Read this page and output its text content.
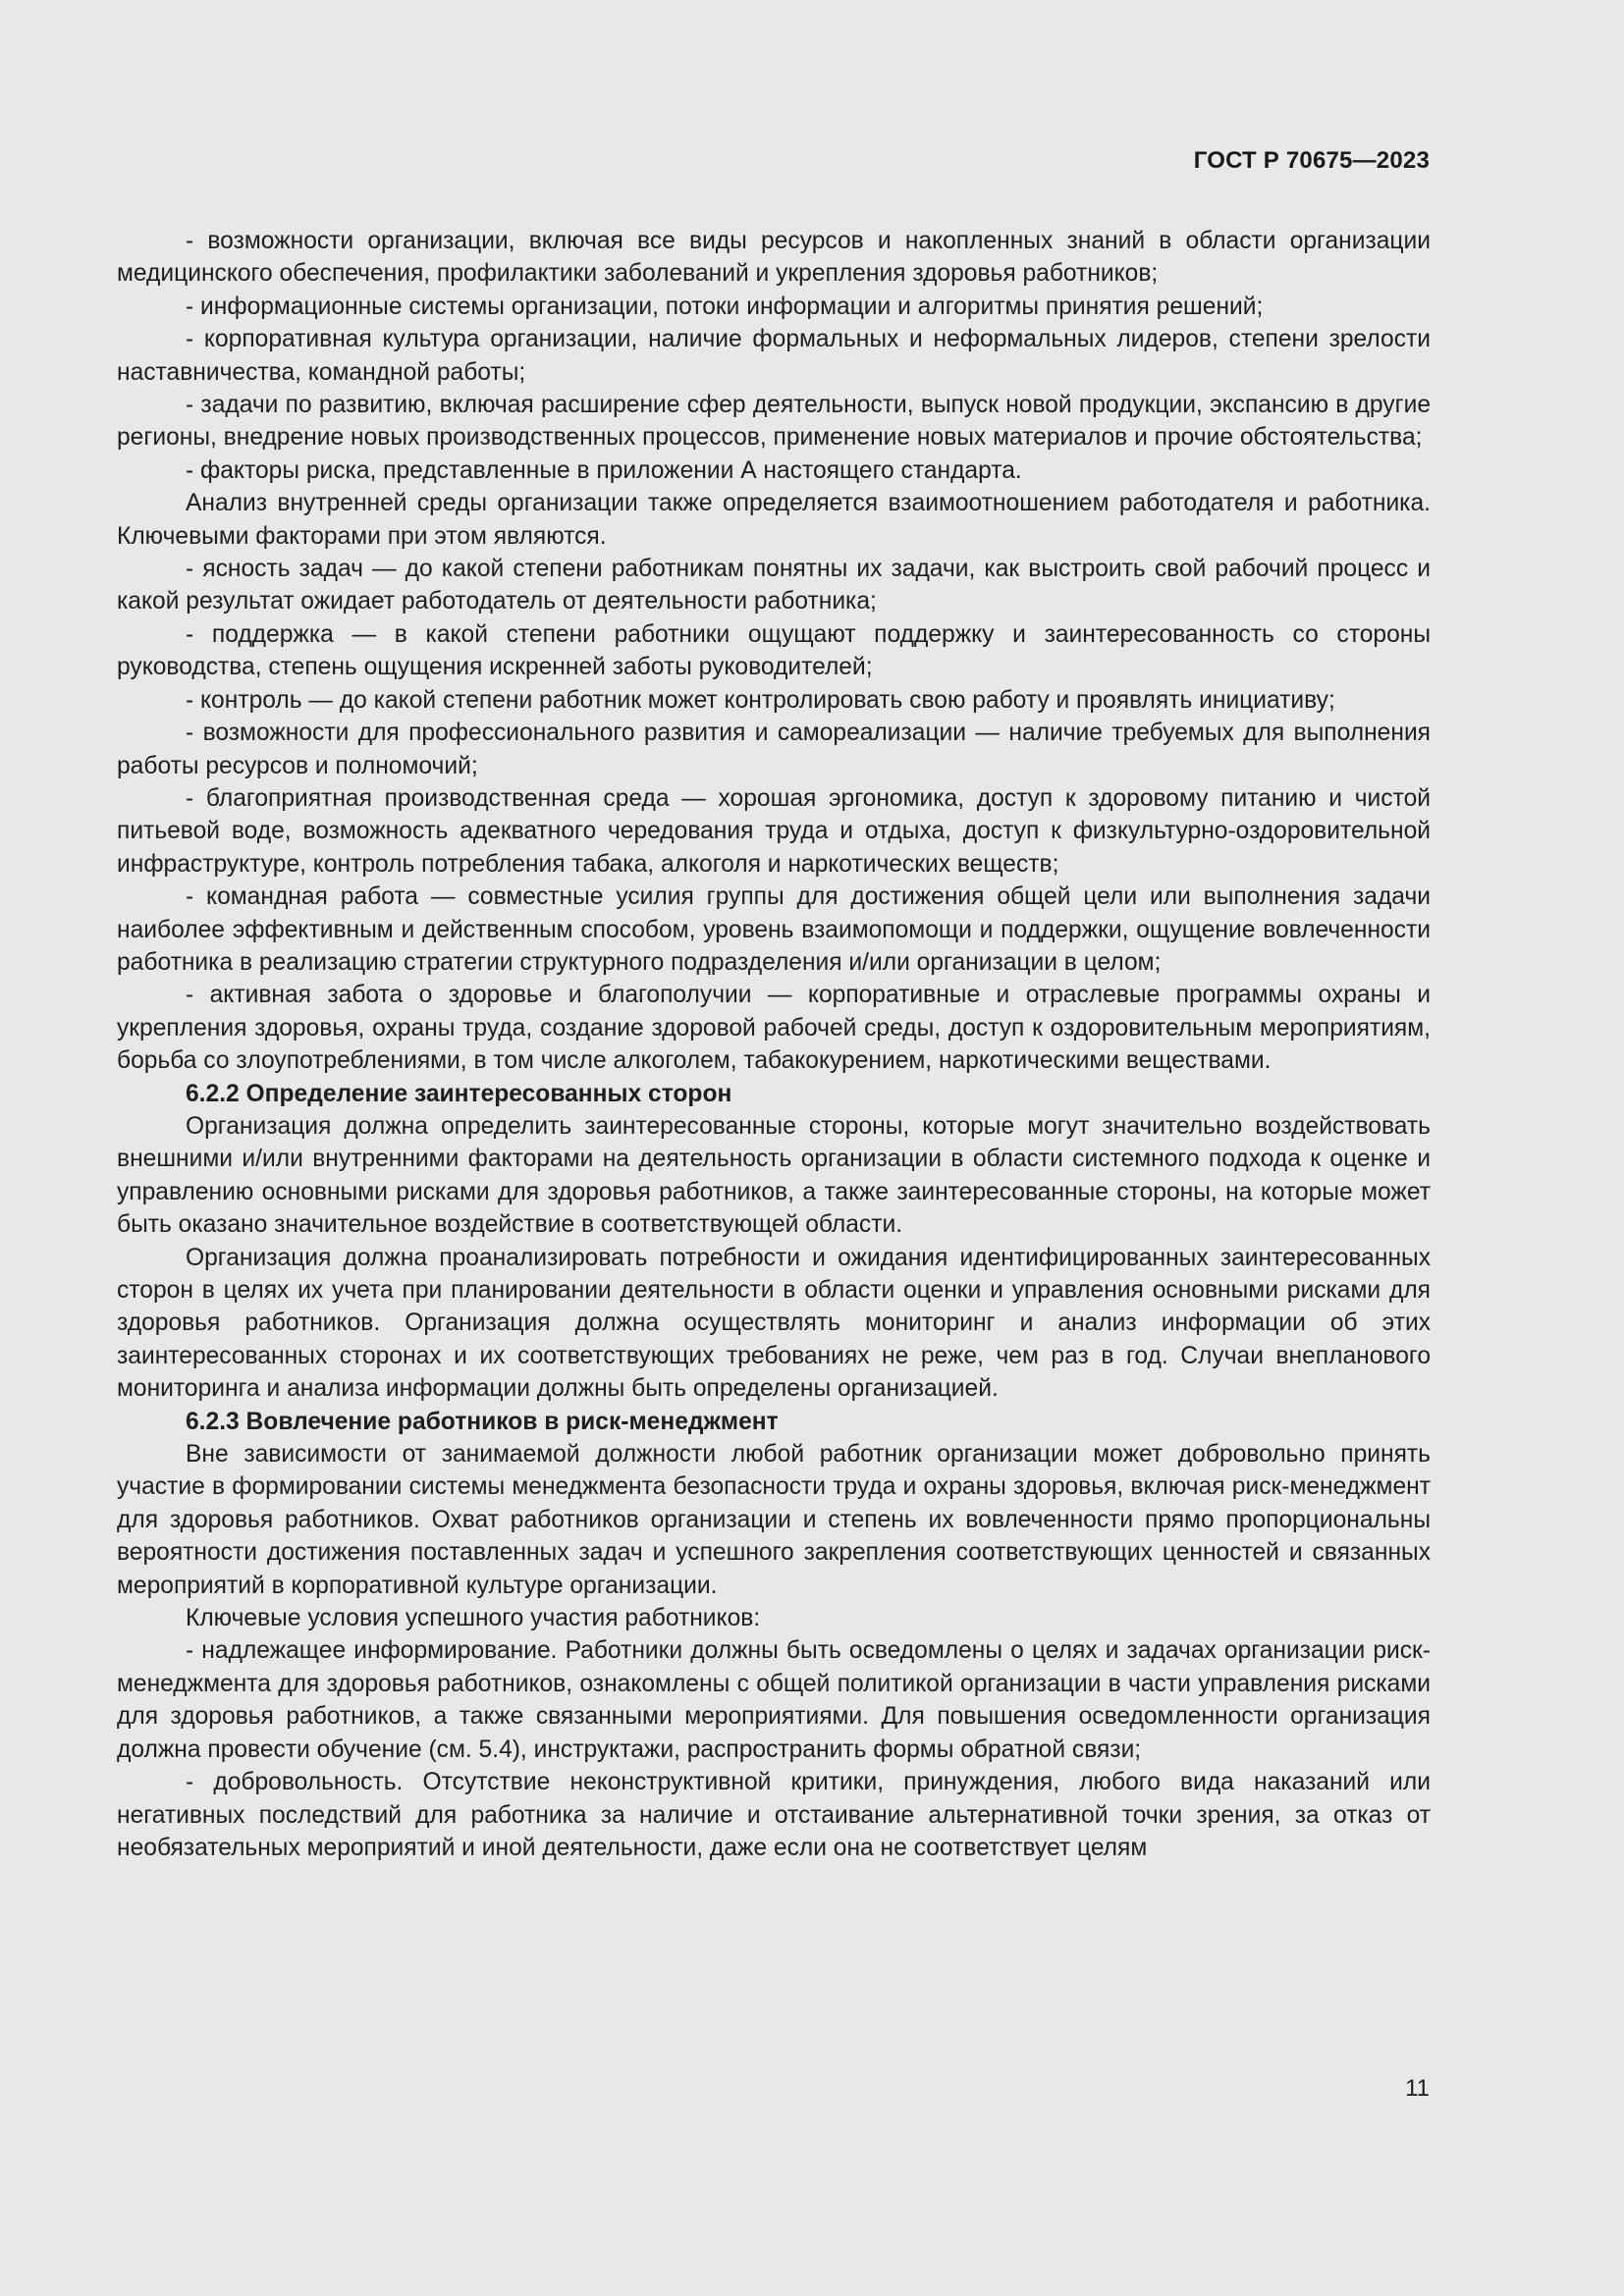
ГОСТ Р 70675—2023

- возможности организации, включая все виды ресурсов и накопленных знаний в области организации медицинского обеспечения, профилактики заболеваний и укрепления здоровья работников;

- информационные системы организации, потоки информации и алгоритмы принятия решений;

- корпоративная культура организации, наличие формальных и неформальных лидеров, степени зрелости наставничества, командной работы;

- задачи по развитию, включая расширение сфер деятельности, выпуск новой продукции, экспансию в другие регионы, внедрение новых производственных процессов, применение новых материалов и прочие обстоятельства;

- факторы риска, представленные в приложении А настоящего стандарта.

Анализ внутренней среды организации также определяется взаимоотношением работодателя и работника. Ключевыми факторами при этом являются.

- ясность задач — до какой степени работникам понятны их задачи, как выстроить свой рабочий процесс и какой результат ожидает работодатель от деятельности работника;

- поддержка — в какой степени работники ощущают поддержку и заинтересованность со стороны руководства, степень ощущения искренней заботы руководителей;

- контроль — до какой степени работник может контролировать свою работу и проявлять инициативу;

- возможности для профессионального развития и самореализации — наличие требуемых для выполнения работы ресурсов и полномочий;

- благоприятная производственная среда — хорошая эргономика, доступ к здоровому питанию и чистой питьевой воде, возможность адекватного чередования труда и отдыха, доступ к физкультурно-оздоровительной инфраструктуре, контроль потребления табака, алкоголя и наркотических веществ;

- командная работа — совместные усилия группы для достижения общей цели или выполнения задачи наиболее эффективным и действенным способом, уровень взаимопомощи и поддержки, ощущение вовлеченности работника в реализацию стратегии структурного подразделения и/или организации в целом;

- активная забота о здоровье и благополучии — корпоративные и отраслевые программы охраны и укрепления здоровья, охраны труда, создание здоровой рабочей среды, доступ к оздоровительным мероприятиям, борьба со злоупотреблениями, в том числе алкоголем, табакокурением, наркотическими веществами.

6.2.2 Определение заинтересованных сторон

Организация должна определить заинтересованные стороны, которые могут значительно воздействовать внешними и/или внутренними факторами на деятельность организации в области системного подхода к оценке и управлению основными рисками для здоровья работников, а также заинтересованные стороны, на которые может быть оказано значительное воздействие в соответствующей области.

Организация должна проанализировать потребности и ожидания идентифицированных заинтересованных сторон в целях их учета при планировании деятельности в области оценки и управления основными рисками для здоровья работников. Организация должна осуществлять мониторинг и анализ информации об этих заинтересованных сторонах и их соответствующих требованиях не реже, чем раз в год. Случаи внепланового мониторинга и анализа информации должны быть определены организацией.

6.2.3 Вовлечение работников в риск-менеджмент

Вне зависимости от занимаемой должности любой работник организации может добровольно принять участие в формировании системы менеджмента безопасности труда и охраны здоровья, включая риск-менеджмент для здоровья работников. Охват работников организации и степень их вовлеченности прямо пропорциональны вероятности достижения поставленных задач и успешного закрепления соответствующих ценностей и связанных мероприятий в корпоративной культуре организации.

Ключевые условия успешного участия работников:

- надлежащее информирование. Работники должны быть осведомлены о целях и задачах организации риск-менеджмента для здоровья работников, ознакомлены с общей политикой организации в части управления рисками для здоровья работников, а также связанными мероприятиями. Для повышения осведомленности организация должна провести обучение (см. 5.4), инструктажи, распространить формы обратной связи;

- добровольность. Отсутствие неконструктивной критики, принуждения, любого вида наказаний или негативных последствий для работника за наличие и отстаивание альтернативной точки зрения, за отказ от необязательных мероприятий и иной деятельности, даже если она не соответствует целям

11
